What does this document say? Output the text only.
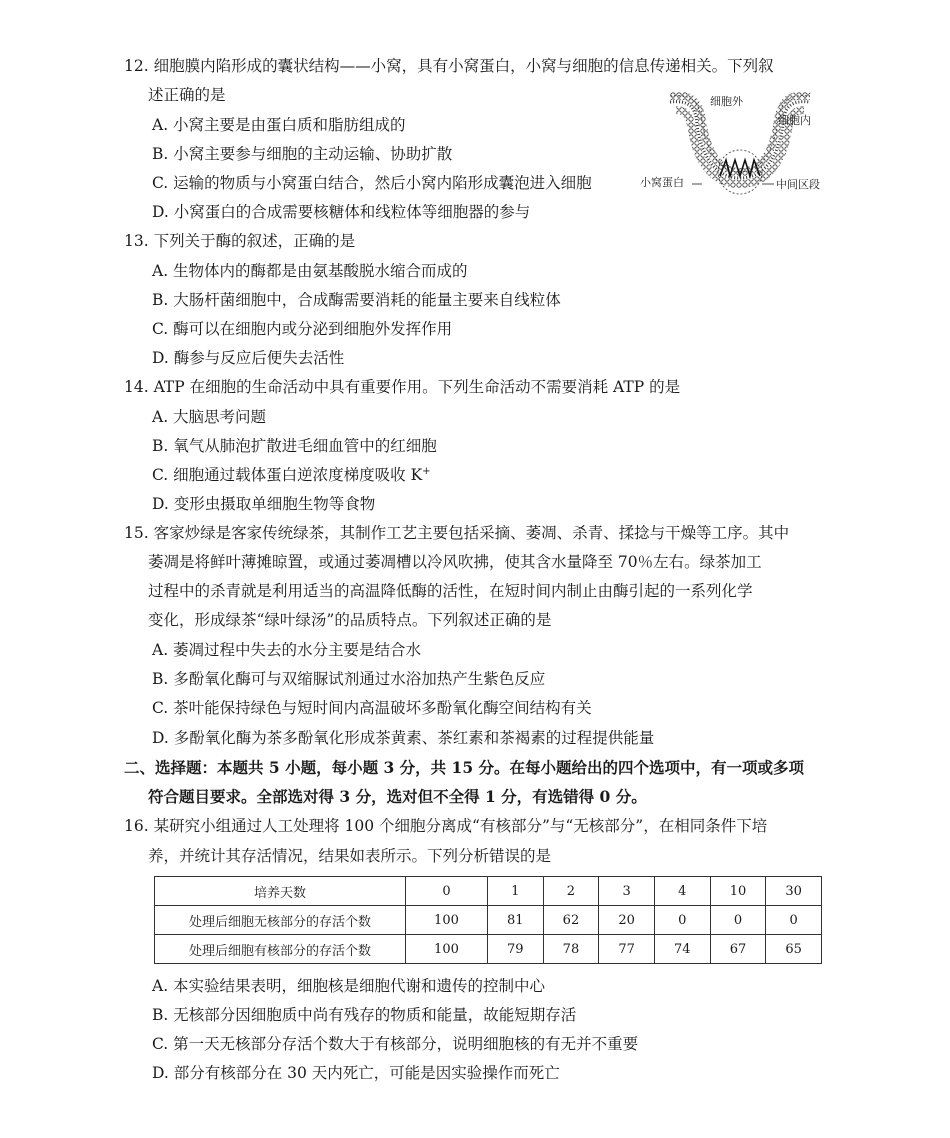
12. 细胞膜内陷形成的囊状结构——小窝，具有小窝蛋白，小窝与细胞的信息传递相关。下列叙
述正确的是
A. 小窝主要是由蛋白质和脂肪组成的
B. 小窝主要参与细胞的主动运输、协助扩散
C. 运输的物质与小窝蛋白结合，然后小窝内陷形成囊泡进入细胞
D. 小窝蛋白的合成需要核糖体和线粒体等细胞器的参与
细胞外
细胞内
小窝蛋白	中间区段
13. 下列关于酶的叙述，正确的是
A. 生物体内的酶都是由氨基酸脱水缩合而成的
B. 大肠杆菌细胞中，合成酶需要消耗的能量主要来自线粒体
C. 酶可以在细胞内或分泌到细胞外发挥作用
D. 酶参与反应后便失去活性
14. ATP 在细胞的生命活动中具有重要作用。下列生命活动不需要消耗 ATP 的是
A. 大脑思考问题
B. 氧气从肺泡扩散进毛细血管中的红细胞
C. 细胞通过载体蛋白逆浓度梯度吸收 K+
D. 变形虫摄取单细胞生物等食物
15. 客家炒绿是客家传统绿茶，其制作工艺主要包括采摘、萎凋、杀青、揉捻与干燥等工序。其中
萎凋是将鲜叶薄摊晾置，或通过萎凋槽以冷风吹拂，使其含水量降至 70％左右。绿茶加工
过程中的杀青就是利用适当的高温降低酶的活性，在短时间内制止由酶引起的一系列化学
变化，形成绿茶“绿叶绿汤”的品质特点。下列叙述正确的是
A. 萎凋过程中失去的水分主要是结合水
B. 多酚氧化酶可与双缩脲试剂通过水浴加热产生紫色反应
C. 茶叶能保持绿色与短时间内高温破坏多酚氧化酶空间结构有关
D. 多酚氧化酶为茶多酚氧化形成茶黄素、茶红素和茶褐素的过程提供能量
二、选择题：本题共 5 小题，每小题 3 分，共 15 分。在每小题给出的四个选项中，有一项或多项
符合题目要求。全部选对得 3 分，选对但不全得 1 分，有选错得 0 分。
16. 某研究小组通过人工处理将 100 个细胞分离成“有核部分”与“无核部分”，在相同条件下培
养，并统计其存活情况，结果如表所示。下列分析错误的是
培养天数	0	1	2	3	4	10	30
处理后细胞无核部分的存活个数	100	81	62	20	0	0	0
处理后细胞有核部分的存活个数	100	79	78	77	74	67	65
A. 本实验结果表明，细胞核是细胞代谢和遗传的控制中心
B. 无核部分因细胞质中尚有残存的物质和能量，故能短期存活
C. 第一天无核部分存活个数大于有核部分，说明细胞核的有无并不重要
D. 部分有核部分在 30 天内死亡，可能是因实验操作而死亡
